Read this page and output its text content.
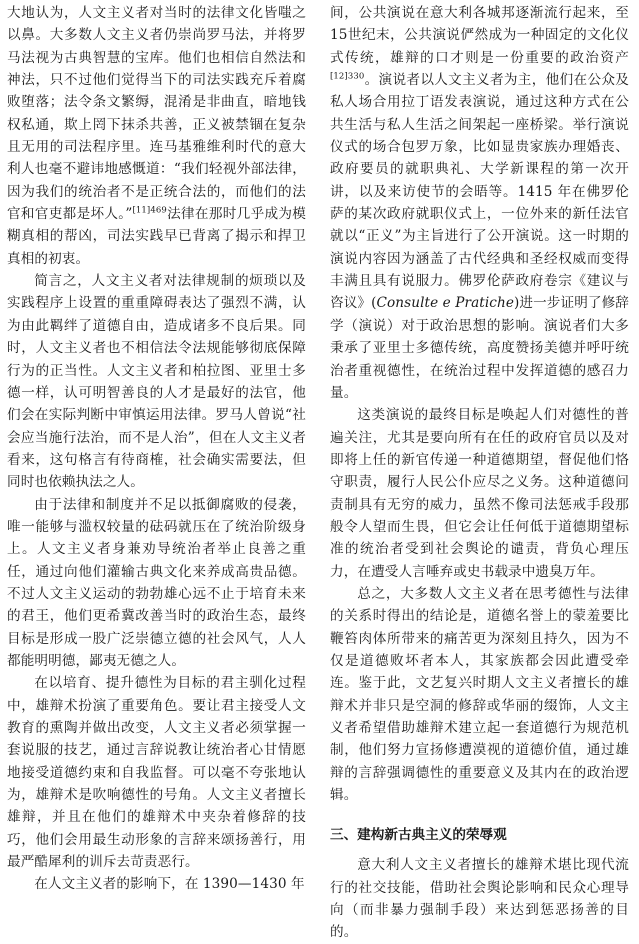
大地认为，人文主义者对当时的法律文化皆嗤之以鼻。大多数人文主义者仍崇尚罗马法，并将罗马法视为古典智慧的宝库。他们也相信自然法和神法，只不过他们觉得当下的司法实践充斥着腐败堕落；法令条文繁缛，混淆是非曲直，暗地钱权私通，欺上罔下抹杀共善，正义被禁锢在复杂且无用的司法程序里。连马基雅维利时代的意大利人也毫不避讳地感慨道：“我们轻视外部法律，因为我们的统治者不是正统合法的，而他们的法官和官吏都是坏人。”$^{[11]469}$法律在那时几乎成为模糊真相的帮凶，司法实践早已背离了揭示和捍卫真相的初衷。

简言之，人文主义者对法律规制的烦琐以及实践程序上设置的重重障碍表达了强烈不满，认为由此羁绊了道德自由，造成诸多不良后果。同时，人文主义者也不相信法令法规能够彻底保障行为的正当性。人文主义者和柏拉图、亚里士多德一样，认可明智善良的人才是最好的法官，他们会在实际判断中审慎运用法律。罗马人曾说“社会应当施行法治，而不是人治”，但在人文主义者看来，这句格言有待商榷，社会确实需要法，但同时也依赖执法之人。

由于法律和制度并不足以抵御腐败的侵袭，唯一能够与滥权较量的砝码就压在了统治阶级身上。人文主义者身兼劝导统治者举止良善之重任，通过向他们灌输古典文化来养成高贵品德。不过人文主义运动的勃勃雄心远不止于培育未来的君王，他们更希冀改善当时的政治生态，最终目标是形成一股广泛崇德立德的社会风气，人人都能明明德，鄙夷无德之人。

在以培育、提升德性为目标的君主驯化过程中，雄辩术扮演了重要角色。要让君主接受人文教育的熏陶并做出改变，人文主义者必须掌握一套说服的技艺，通过言辞说教让统治者心甘情愿地接受道德约束和自我监督。可以毫不夸张地认为，雄辩术是吹响德性的号角。人文主义者擅长雄辩，并且在他们的雄辩术中夹杂着修辞的技巧，他们会用最生动形象的言辞来颂扬善行，用最严酷犀利的训斥去苛责恶行。

在人文主义者的影响下，在 1390—1430 年

间，公共演说在意大利各城邦逐渐流行起来，至15世纪末，公共演说俨然成为一种固定的文化仪式传统，雄辩的口才则是一份重要的政治资产$^{[12]330}$。演说者以人文主义者为主，他们在公众及私人场合用拉丁语发表演说，通过这种方式在公共生活与私人生活之间架起一座桥梁。举行演说仪式的场合包罗万象，比如显贵家族办理婚丧、政府要员的就职典礼、大学新课程的第一次开讲，以及来访使节的会晤等。1415 年在佛罗伦萨的某次政府就职仪式上，一位外来的新任法官就以“正义”为主旨进行了公开演说。这一时期的演说内容因为涵盖了古代经典和圣经权威而变得丰满且具有说服力。佛罗伦萨政府卷宗《建议与咨议》(Consulte e Pratiche)进一步证明了修辞学（演说）对于政治思想的影响。演说者们大多秉承了亚里士多德传统，高度赞扬美德并呼吁统治者重视德性，在统治过程中发挥道德的感召力量。

这类演说的最终目标是唤起人们对德性的普遍关注，尤其是要向所有在任的政府官员以及对即将上任的新官传递一种道德期望，督促他们恪守职责，履行人民公仆应尽之义务。这种道德问责制具有无穷的威力，虽然不像司法惩戒手段那般令人望而生畏，但它会让任何低于道德期望标准的统治者受到社会舆论的谴责，背负心理压力，在遭受人言唾弃或史书载录中遗臭万年。

总之，大多数人文主义者在思考德性与法律的关系时得出的结论是，道德名誉上的蒙羞要比鞭笞肉体所带来的痛苦更为深刻且持久，因为不仅是道德败坏者本人，其家族都会因此遭受牵连。鉴于此，文艺复兴时期人文主义者擅长的雄辩术并非只是空洞的修辞或华丽的缀饰，人文主义者希望借助雄辩术建立起一套道德行为规范机制，他们努力宣扬修遭漠视的道德价值，通过雄辩的言辞强调德性的重要意义及其内在的政治逻辑。

三、建构新古典主义的荣辱观

意大利人文主义者擅长的雄辩术堪比现代流行的社交技能，借助社会舆论影响和民众心理导向（而非暴力强制手段）来达到惩恶扬善的目的。
